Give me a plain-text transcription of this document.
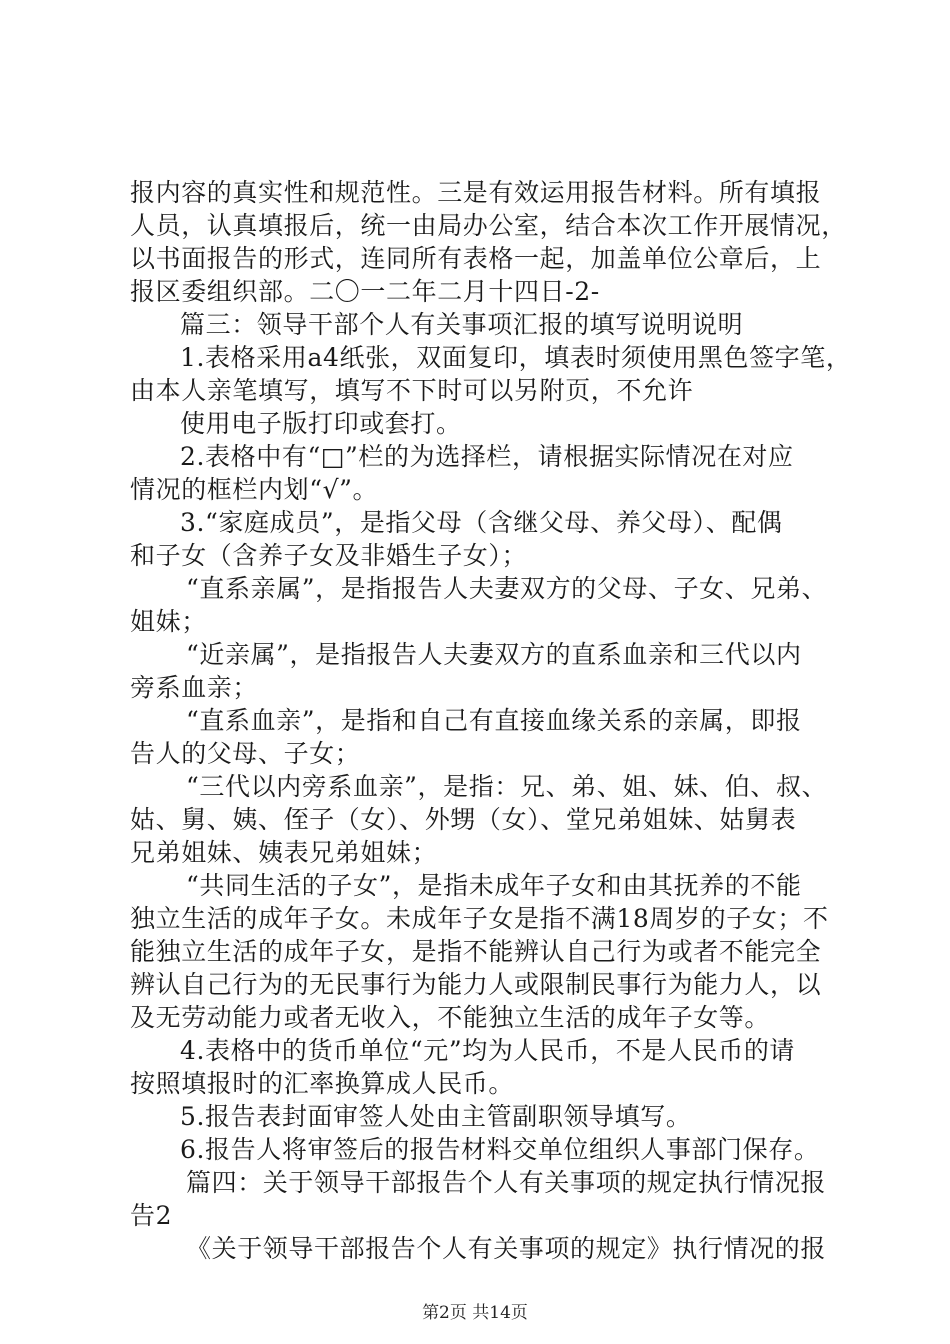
报内容的真实性和规范性。三是有效运用报告材料。所有填报
人员，认真填报后，统一由局办公室，结合本次工作开展情况，
以书面报告的形式，连同所有表格一起，加盖单位公章后，上
报区委组织部。二〇一二年二月十四日-2-
篇三：领导干部个人有关事项汇报的填写说明说明
1.表格采用a4纸张，双面复印，填表时须使用黑色签字笔，
由本人亲笔填写，填写不下时可以另附页，不允许
使用电子版打印或套打。
2.表格中有“□”栏的为选择栏，请根据实际情况在对应
情况的框栏内划“√”。
3.“家庭成员”，是指父母（含继父母、养父母）、配偶
和子女（含养子女及非婚生子女）；
“直系亲属”，是指报告人夫妻双方的父母、子女、兄弟、
姐妹；
“近亲属”，是指报告人夫妻双方的直系血亲和三代以内
旁系血亲；
“直系血亲”，是指和自己有直接血缘关系的亲属，即报
告人的父母、子女；
“三代以内旁系血亲”，是指：兄、弟、姐、妹、伯、叔、
姑、舅、姨、侄子（女）、外甥（女）、堂兄弟姐妹、姑舅表
兄弟姐妹、姨表兄弟姐妹；
“共同生活的子女”，是指未成年子女和由其抚养的不能
独立生活的成年子女。未成年子女是指不满18周岁的子女；不
能独立生活的成年子女，是指不能辨认自己行为或者不能完全
辨认自己行为的无民事行为能力人或限制民事行为能力人，以
及无劳动能力或者无收入，不能独立生活的成年子女等。
4.表格中的货币单位“元”均为人民币，不是人民币的请
按照填报时的汇率换算成人民币。
5.报告表封面审签人处由主管副职领导填写。
6.报告人将审签后的报告材料交单位组织人事部门保存。
篇四：关于领导干部报告个人有关事项的规定执行情况报
告2
《关于领导干部报告个人有关事项的规定》执行情况的报
第2页 共14页
